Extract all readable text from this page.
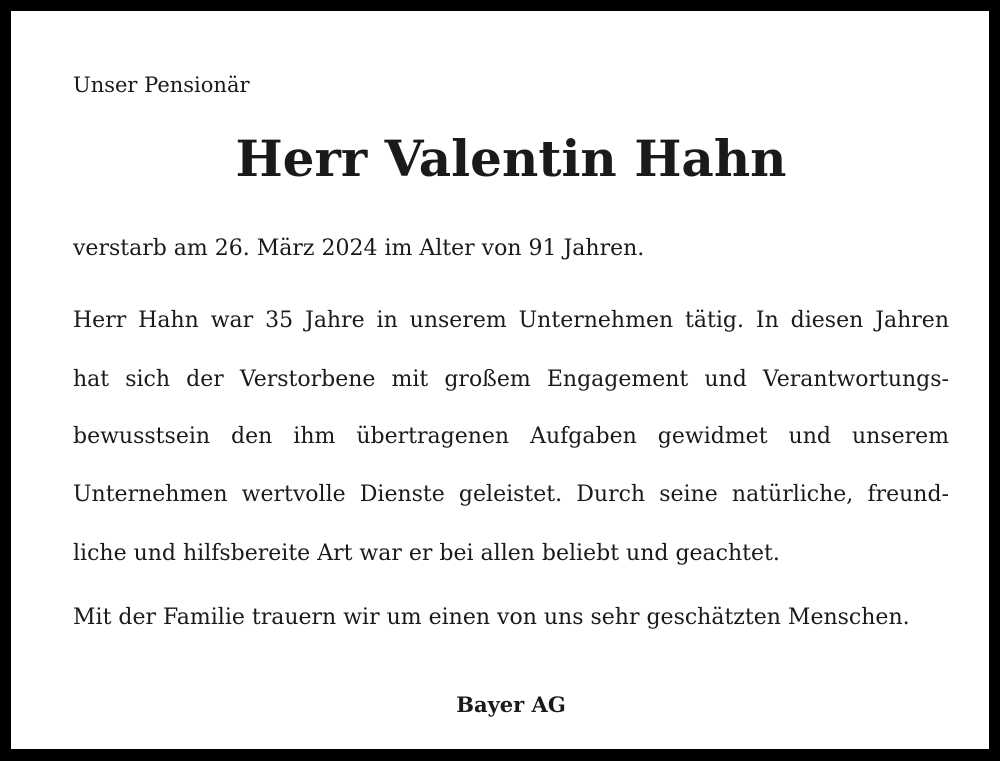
Unser Pensionär
Herr Valentin Hahn
verstarb am 26. März 2024 im Alter von 91 Jahren.
Herr Hahn war 35 Jahre in unserem Unternehmen tätig. In diesen Jahren
hat sich der Verstorbene mit großem Engagement und Verantwortungs-
bewusstsein den ihm übertragenen Aufgaben gewidmet und unserem
Unternehmen wertvolle Dienste geleistet. Durch seine natürliche, freund-
liche und hilfsbereite Art war er bei allen beliebt und geachtet.
Mit der Familie trauern wir um einen von uns sehr geschätzten Menschen.
Bayer AG
